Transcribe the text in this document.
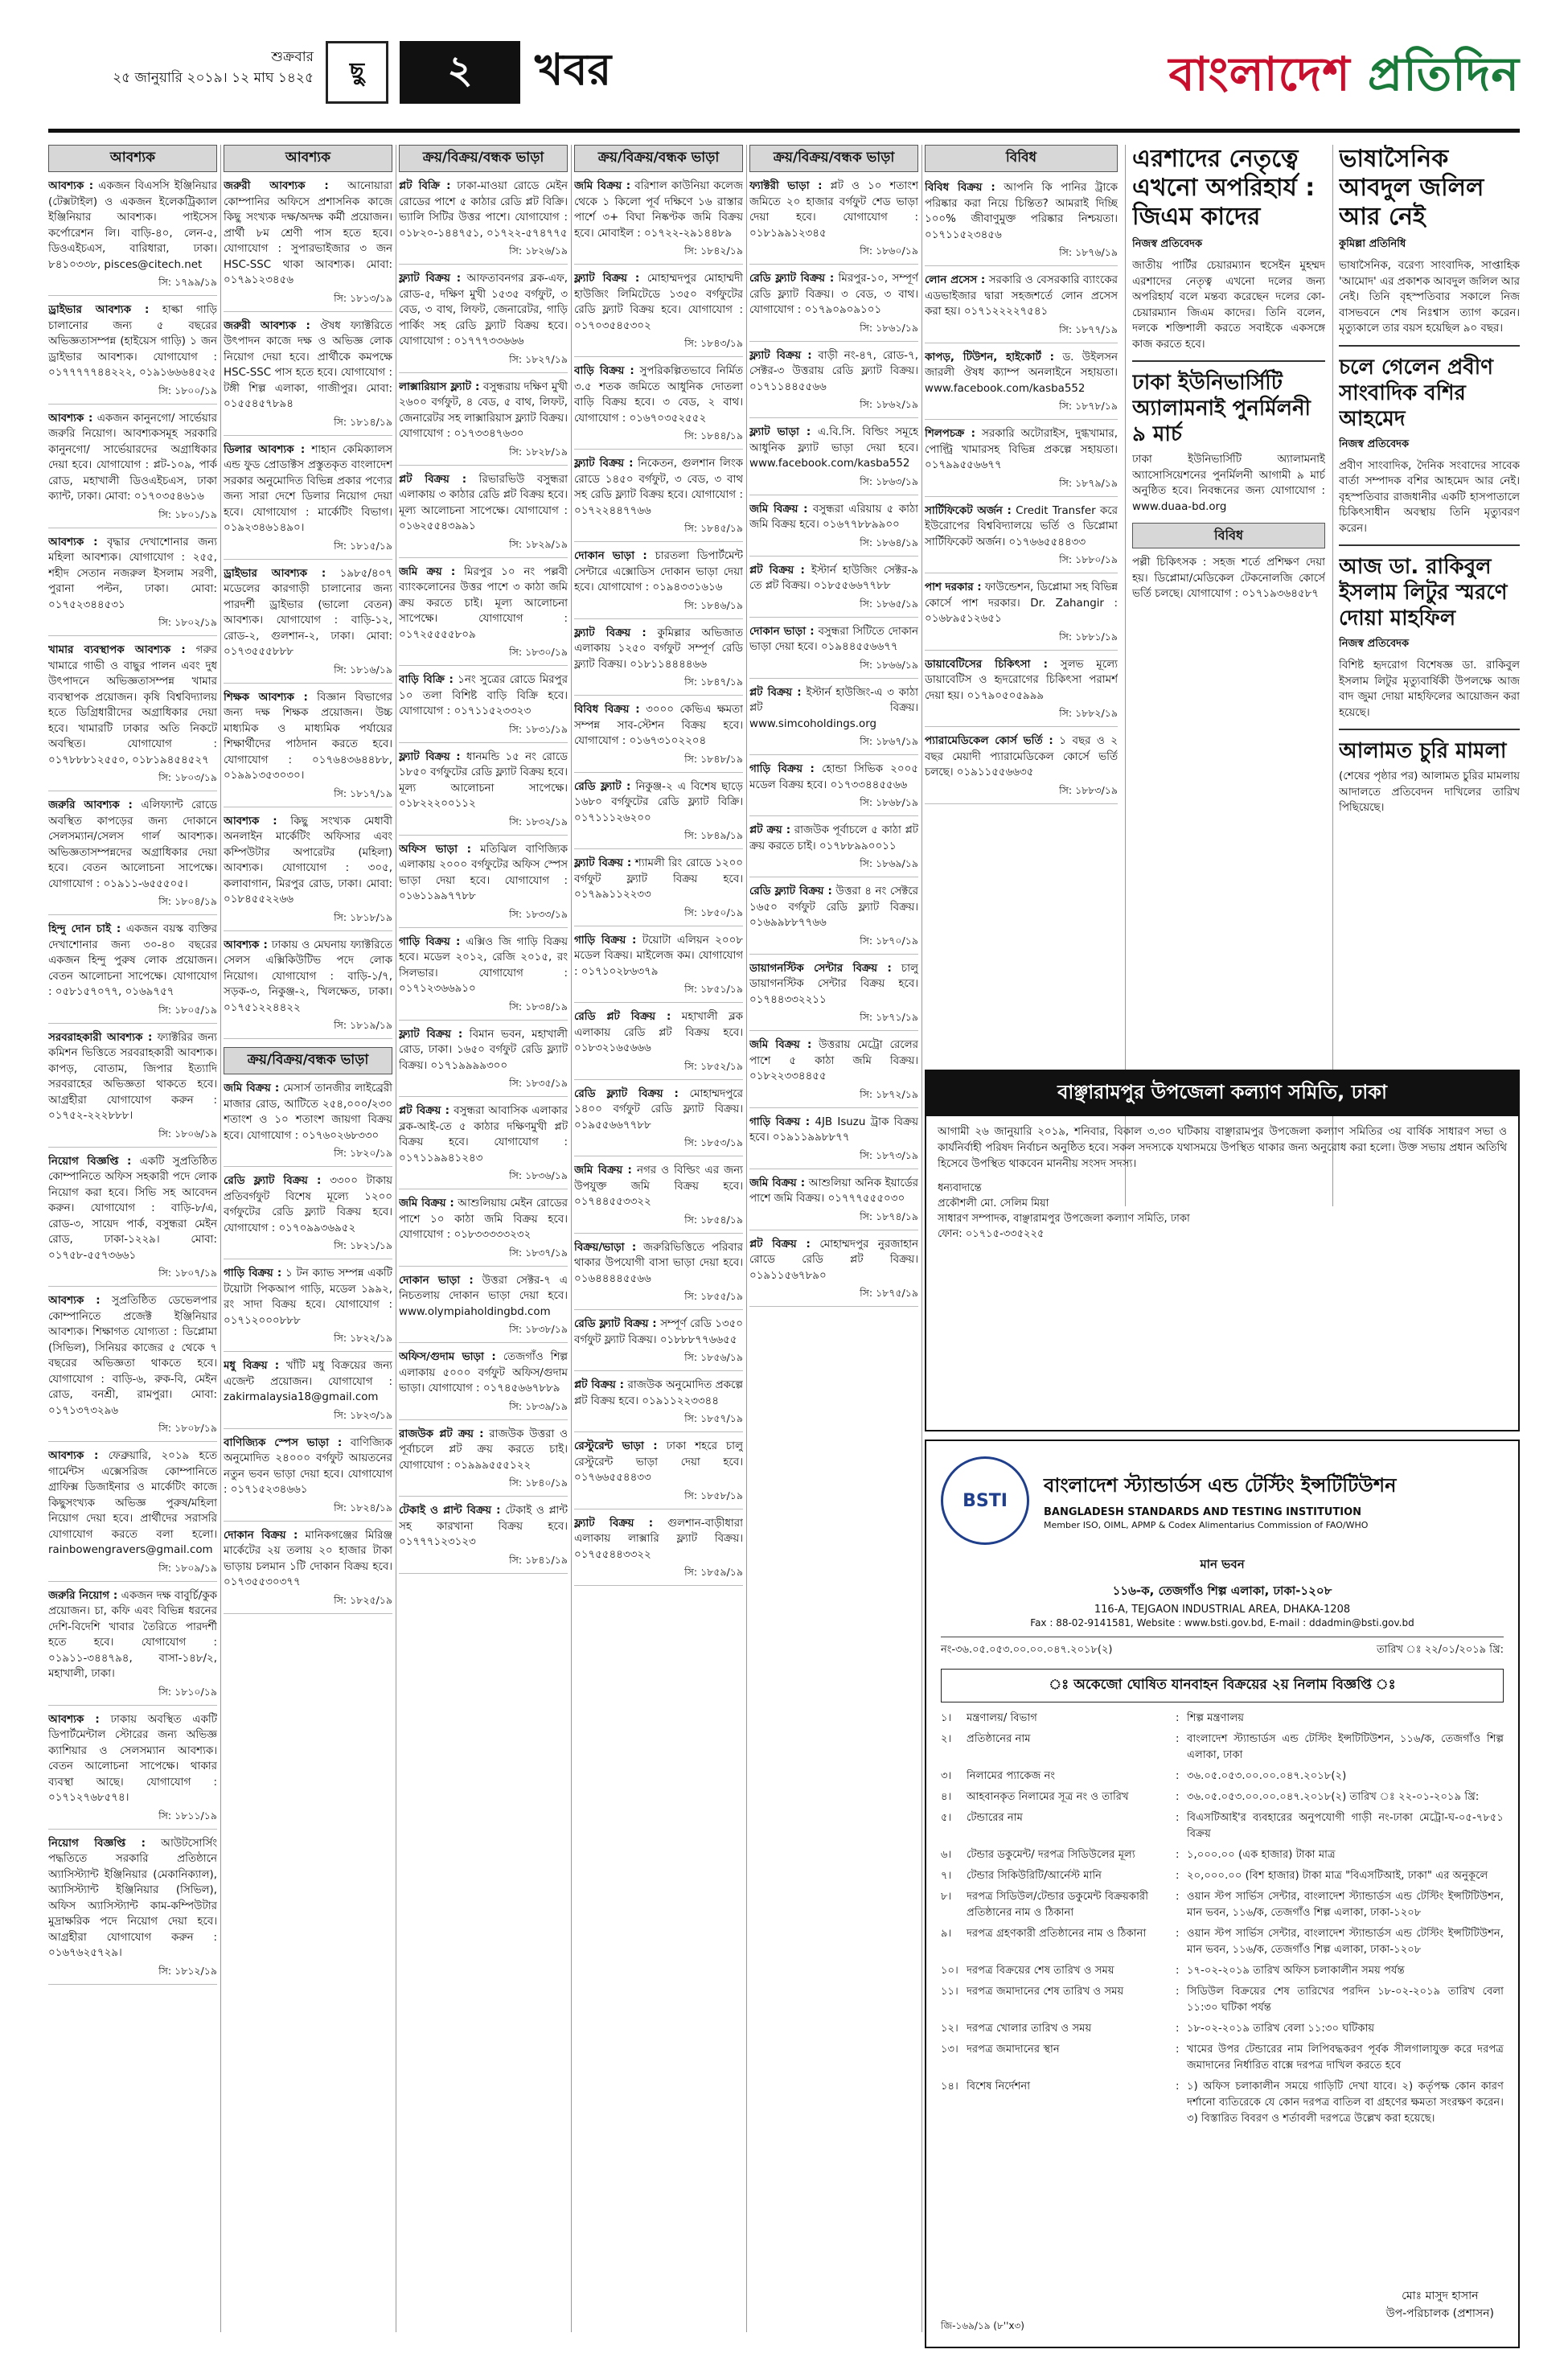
শুক্রবার
২৫ জানুয়ারি ২০১৯। ১২ মাঘ ১৪২৫	ছু	২	খবর	বাংলাদেশ প্রতিদিন
আবশ্যক
আবশ্যক : একজন বিএসসি ইঞ্জিনিয়ার (টেক্সটাইল) ও একজন ইলেকট্রিক্যাল ইঞ্জিনিয়ার আবশ্যক। পাইসেস কর্পোরেশন লি। বাড়ি-৪০, লেন-৫, ডিওএইচএস, বারিধারা, ঢাকা। ৮৪১০৩৩৮, pisces@citech.net
সি: ১৭৯৯/১৯
ড্রাইভার আবশ্যক : হাল্কা গাড়ি চালানোর জন্য ৫ বছরের অভিজ্ঞতাসম্পন্ন (হাইয়েস গাড়ি) ১ জন ড্রাইভার আবশ্যক। যোগাযোগ : ০১৭৭৭৭৭৪৪২২২, ০১৯১৬৬৬৪৫২৫
সি: ১৮০০/১৯
আবশ্যক : একজন কানুনগো/ সার্ভেয়ার জরুরি নিয়োগ। আবশ্যকসমূহ সরকারি কানুনগো/ সার্ভেয়ারদের অগ্রাধিকার দেয়া হবে। যোগাযোগ : প্লট-১০৯, পার্ক রোড, মহাখালী ডিওএইচএস, ঢাকা ক্যান্ট, ঢাকা। মোবা: ০১৭০৩৫৪৬১৬
সি: ১৮০১/১৯
আবশ্যক : বৃদ্ধার দেখাশোনার জন্য মহিলা আবশ্যক। যোগাযোগ : ২৫৫, শহীদ সেতান নজরুল ইসলাম সরণী, পুরানা পল্টন, ঢাকা। মোবা: ০১৭৫২৩৪৪৫৩১
সি: ১৮০২/১৯
খামার ব্যবস্থাপক আবশ্যক : গরুর খামারে গাভী ও বাছুর পালন এবং দুধ উৎপাদনে অভিজ্ঞতাসম্পন্ন খামার ব্যবস্থাপক প্রয়োজন। কৃষি বিশ্ববিদ্যালয় হতে ডিগ্রিধারীদের অগ্রাধিকার দেয়া হবে। খামারটি ঢাকার অতি নিকটে অবস্থিত। যোগাযোগ : ০১৭৮৮৮১২৫৫০, ০১৮১৯৪৫৪৫২৭
সি: ১৮০৩/১৯
জরুরি আবশ্যক : এলিফ্যান্ট রোডে অবস্থিত কাপড়ের জন্য দোকানে সেলসম্যান/সেলস গার্ল আবশ্যক। অভিজ্ঞতাসম্পন্নদের অগ্রাধিকার দেয়া হবে। বেতন আলোচনা সাপেক্ষে। যোগাযোগ : ০১৯১১-৬৫৫৫০৫।
সি: ১৮০৪/১৯
হিন্দু দোন চাই : একজন বয়স্ক ব্যক্তির দেখাশোনার জন্য ৩০-৪০ বছরের একজন হিন্দু পুরুষ লোক প্রয়োজন। বেতন আলোচনা সাপেক্ষে। যোগাযোগ : ০৫৮১৫৭০৭৭, ০১৬৯৭৫৭
সি: ১৮০৫/১৯
সরবরাহকারী আবশ্যক : ফ্যাক্টরির জন্য কমিশন ভিত্তিতে সরবরাহকারী আবশ্যক। কাপড়, বোতাম, জিপার ইত্যাদি সরবরাহের অভিজ্ঞতা থাকতে হবে। আগ্রহীরা যোগাযোগ করুন : ০১৭৫২-২২২৮৮৮।
সি: ১৮০৬/১৯
নিয়োগ বিজ্ঞপ্তি : একটি সুপ্রতিষ্ঠিত কোম্পানিতে অফিস সহকারী পদে লোক নিয়োগ করা হবে। সিভি সহ আবেদন করুন। যোগাযোগ : বাড়ি-৮/এ, রোড-৩, সায়েদ পার্ক, বসুন্ধরা মেইন রোড, ঢাকা-১২২৯। মোবা: ০১৭৫৮-৫৫৭৩৬৬১
সি: ১৮০৭/১৯
আবশ্যক : সুপ্রতিষ্ঠিত ডেভেলপার কোম্পানিতে প্রজেক্ট ইঞ্জিনিয়ার আবশ্যক। শিক্ষাগত যোগ্যতা : ডিপ্লোমা (সিভিল), সিনিয়র কাজের ৫ থেকে ৭ বছরের অভিজ্ঞতা থাকতে হবে। যোগাযোগ : বাড়ি-৬, রুক-বি, মেইন রোড, বনশ্রী, রামপুরা। মোবা: ০১৭১৩৭৩২৯৬
সি: ১৮০৮/১৯
আবশ্যক : ফেব্রুয়ারি, ২০১৯ হতে গার্মেন্টস এক্সেসরিজ কোম্পানিতে গ্রাফিক্স ডিজাইনার ও মার্কেটিং কাজে কিছুসংখ্যক অভিজ্ঞ পুরুষ/মহিলা নিয়োগ দেয়া হবে। প্রার্থীদের সরাসরি যোগাযোগ করতে বলা হলো। rainbowengravers@gmail.com
সি: ১৮০৯/১৯
জরুরি নিয়োগ : একজন দক্ষ বাবুর্চি/কুক প্রয়োজন। চা, কফি এবং বিভিন্ন ধরনের দেশি-বিদেশি খাবার তৈরিতে পারদর্শী হতে হবে। যোগাযোগ : ০১৯১১-৩৪৪৭৯৪, বাসা-১৪৮/২, মহাখালী, ঢাকা।
সি: ১৮১০/১৯
আবশ্যক : ঢাকায় অবস্থিত একটি ডিপার্টমেন্টাল স্টোরের জন্য অভিজ্ঞ ক্যাশিয়ার ও সেলসম্যান আবশ্যক। বেতন আলোচনা সাপেক্ষে। থাকার ব্যবস্থা আছে। যোগাযোগ : ০১৭১২৭৬৮৫৭৪।
সি: ১৮১১/১৯
নিয়োগ বিজ্ঞপ্তি : আউটসোর্সিং পদ্ধতিতে সরকারি প্রতিষ্ঠানে অ্যাসিস্ট্যান্ট ইঞ্জিনিয়ার (মেকানিক্যাল), অ্যাসিস্ট্যান্ট ইঞ্জিনিয়ার (সিভিল), অফিস অ্যাসিস্ট্যান্ট কাম-কম্পিউটার মুদ্রাক্ষরিক পদে নিয়োগ দেয়া হবে। আগ্রহীরা যোগাযোগ করুন : ০১৬৭৬২৫৭২৯।
সি: ১৮১২/১৯
আবশ্যক
জরুরী আবশ্যক : আনোয়ারা কোম্পানির অফিসে প্রশাসনিক কাজে কিছু সংখ্যক দক্ষ/অদক্ষ কর্মী প্রয়োজন। প্রার্থী ৮ম শ্রেণী পাস হতে হবে। যোগাযোগ : সুপারভাইজার ৩ জন HSC-SSC থাকা আবশ্যক। মোবা: ০১৭৯১২৩৪৫৬
সি: ১৮১৩/১৯
জরুরী আবশ্যক : ঔষধ ফ্যাক্টরিতে উৎপাদন কাজে দক্ষ ও অভিজ্ঞ লোক নিয়োগ দেয়া হবে। প্রার্থীকে কমপক্ষে HSC-SSC পাস হতে হবে। যোগাযোগ : টঙ্গী শিল্প এলাকা, গাজীপুর। মোবা: ০১৫৫৪৫৭৮৯৪
সি: ১৮১৪/১৯
ডিলার আবশ্যক : শাহান কেমিক্যালস এন্ড ফুড প্রোডাক্টস প্রস্তুতকৃত বাংলাদেশ সরকার অনুমোদিত বিভিন্ন প্রকার পণ্যের জন্য সারা দেশে ডিলার নিয়োগ দেয়া হবে। যোগাযোগ : মার্কেটিং বিভাগ। ০১৯২৩৪৬১৪৯০।
সি: ১৮১৫/১৯
ড্রাইভার আবশ্যক : ১৯৮৫/৪০৭ মডেলের কারগাড়ী চালানোর জন্য পারদর্শী ড্রাইভার (ভালো বেতন) আবশ্যক। যোগাযোগ : বাড়ি-১২, রোড-২, গুলশান-২, ঢাকা। মোবা: ০১৭৩৫৫৫৮৮৮
সি: ১৮১৬/১৯
শিক্ষক আবশ্যক : বিজ্ঞান বিভাগের জন্য দক্ষ শিক্ষক প্রয়োজন। উচ্চ মাধ্যমিক ও মাধ্যমিক পর্যায়ের শিক্ষার্থীদের পাঠদান করতে হবে। যোগাযোগ : ০১৭৬৪৩৬৪৪৮৮, ০১৯৯১৩৫৩০৩০।
সি: ১৮১৭/১৯
আবশ্যক : কিছু সংখ্যক মেধাবী অনলাইন মার্কেটিং অফিসার এবং কম্পিউটার অপারেটর (মহিলা) আবশ্যক। যোগাযোগ : ৩০৫, কলাবাগান, মিরপুর রোড, ঢাকা। মোবা: ০১৮৪৫৫২২৬৬
সি: ১৮১৮/১৯
আবশ্যক : ঢাকায় ও মেঘনায় ফ্যাক্টরিতে সেলস এক্সিকিউটিভ পদে লোক নিয়োগ। যোগাযোগ : বাড়ি-১/৭, সড়ক-৩, নিকুঞ্জ-২, খিলক্ষেত, ঢাকা। ০১৭৫১২২৪৪২২
সি: ১৮১৯/১৯
ক্রয়/বিক্রয়/বন্ধক ভাড়া
জমি বিক্রয় : মেসার্স তানজীর লাইব্রেরী মাজার রোড, আটিতে ২৫৪,০০০/২৩০ শতাংশ ও ১০ শতাংশ জায়গা বিক্রয় হবে। যোগাযোগ : ০১৭৬০২৬৮৩৩০
সি: ১৮২০/১৯
রেডি ফ্ল্যাট বিক্রয় : ৩৩০০ টাকায় প্রতিবর্গফুট বিশেষ মূল্যে ১২০০ বর্গফুটের রেডি ফ্ল্যাট বিক্রয় হবে। যোগাযোগ : ০১৭০৯৯৩৬৯৫২
সি: ১৮২১/১৯
গাড়ি বিক্রয় : ১ টন ক্যাভ সম্পন্ন একটি টয়োটা পিকআপ গাড়ি, মডেল ১৯৯২, রং সাদা বিক্রয় হবে। যোগাযোগ : ০১৭১২০০০৮৮৮
সি: ১৮২২/১৯
মধু বিক্রয় : খাঁটি মধু বিক্রয়ের জন্য এজেন্ট প্রয়োজন। যোগাযোগ : zakirmalaysia18@gmail.com
সি: ১৮২৩/১৯
বাণিজ্যিক স্পেস ভাড়া : বাণিজ্যিক অনুমোদিত ২৪০০০ বর্গফুট আয়তনের নতুন ভবন ভাড়া দেয়া হবে। যোগাযোগ : ০১৭১৫২৩৪৬৬১
সি: ১৮২৪/১৯
দোকান বিক্রয় : মানিকগঞ্জের মিরিঞ্জ মার্কেটের ২য় তলায় ২০ হাজার টাকা ভাড়ায় চলমান ১টি দোকান বিক্রয় হবে। ০১৭৩৫৫৩০৩৭৭
সি: ১৮২৫/১৯
ক্রয়/বিক্রয়/বন্ধক ভাড়া
প্লট বিক্রি : ঢাকা-মাওয়া রোডে মেইন রোডের পাশে ৫ কাঠার রেডি প্লট বিক্রি। ভ্যালি সিটির উত্তর পাশে। যোগাযোগ : ০১৮২০-১৪৪৭৫১, ০১৭২২-৫৭৪৭৭৫
সি: ১৮২৬/১৯
ফ্ল্যাট বিক্রয় : আফতাবনগর ব্লক-এফ, রোড-৫, দক্ষিণ মুখী ১৫৩৫ বর্গফুট, ৩ বেড, ৩ বাথ, লিফট, জেনারেটর, গাড়ি পার্কিং সহ রেডি ফ্ল্যাট বিক্রয় হবে। যোগাযোগ : ০১৭৭৭৩৩৬৬৬
সি: ১৮২৭/১৯
লাক্সারিয়াস ফ্ল্যাট : বসুন্ধরায় দক্ষিণ মুখী ২৬০০ বর্গফুট, ৪ বেড, ৫ বাথ, লিফট, জেনারেটর সহ লাক্সারিয়াস ফ্ল্যাট বিক্রয়। যোগাযোগ : ০১৭৩৩৪৭৬৩০
সি: ১৮২৮/১৯
প্লট বিক্রয় : রিভারভিউ বসুন্ধরা এলাকায় ৩ কাঠার রেডি প্লট বিক্রয় হবে। মূল্য আলোচনা সাপেক্ষে। যোগাযোগ : ০১৬২৫৫৪৩৯৯১
সি: ১৮২৯/১৯
জমি ক্রয় : মিরপুর ১০ নং পল্লবী ব্যাংকলোনের উত্তর পাশে ৩ কাঠা জমি ক্রয় করতে চাই। মূল্য আলোচনা সাপেক্ষে। যোগাযোগ : ০১৭২৫৫৫৫৮০৯
সি: ১৮৩০/১৯
বাড়ি বিক্রি : ১নং সুত্রের রোডে মিরপুর ১০ তলা বিশিষ্ট বাড়ি বিক্রি হবে। যোগাযোগ : ০১৭১১৫২৩৩২৩
সি: ১৮৩১/১৯
ফ্ল্যাট বিক্রয় : ধানমন্ডি ১৫ নং রোডে ১৮৫০ বর্গফুটের রেডি ফ্ল্যাট বিক্রয় হবে। মূল্য আলোচনা সাপেক্ষে। ০১৮২২২০০১১২
সি: ১৮৩২/১৯
অফিস ভাড়া : মতিঝিল বাণিজ্যিক এলাকায় ২০০০ বর্গফুটের অফিস স্পেস ভাড়া দেয়া হবে। যোগাযোগ : ০১৬১১৯৯৭৭৮৮
সি: ১৮৩৩/১৯
গাড়ি বিক্রয় : এক্সিও জি গাড়ি বিক্রয় হবে। মডেল ২০১২, রেজি ২০১৫, রং সিলভার। যোগাযোগ : ০১৭১২৩৬৬৯১০
সি: ১৮৩৪/১৯
ফ্ল্যাট বিক্রয় : বিমান ভবন, মহাখালী রোড, ঢাকা। ১৬৫০ বর্গফুট রেডি ফ্ল্যাট বিক্রয়। ০১৭১৯৯৯৯৩০০
সি: ১৮৩৫/১৯
প্লট বিক্রয় : বসুন্ধরা আবাসিক এলাকার ব্লক-আই-তে ৫ কাঠার দক্ষিণমুখী প্লট বিক্রয় হবে। যোগাযোগ : ০১৭১১৯৯৪১২৪৩
সি: ১৮৩৬/১৯
জমি বিক্রয় : আশুলিয়ায় মেইন রোডের পাশে ১০ কাঠা জমি বিক্রয় হবে। যোগাযোগ : ০১৮৩৩৩৩৩২৩২
সি: ১৮৩৭/১৯
দোকান ভাড়া : উত্তরা সেক্টর-৭ এ নিচতলায় দোকান ভাড়া দেয়া হবে। www.olympiaholdingbd.com
সি: ১৮৩৮/১৯
অফিস/গুদাম ভাড়া : তেজগাঁও শিল্প এলাকায় ৫০০০ বর্গফুট অফিস/গুদাম ভাড়া। যোগাযোগ : ০১৭৪৫৬৬৭৮৮৯
সি: ১৮৩৯/১৯
রাজউক প্লট ক্রয় : রাজউক উত্তরা ও পূর্বাচলে প্লট ক্রয় করতে চাই। যোগাযোগ : ০১৯৯৯৫৫৫১২২
সি: ১৮৪০/১৯
টেকাই ও প্লান্ট বিক্রয় : টেকাই ও প্লান্ট সহ কারখানা বিক্রয় হবে। ০১৭৭৭১২৩১২৩
সি: ১৮৪১/১৯
ক্রয়/বিক্রয়/বন্ধক ভাড়া
জমি বিক্রয় : বরিশাল কাউনিয়া কলেজ থেকে ১ কিলো পূর্ব দক্ষিণে ১৬ রাস্তার পার্শে ৩+ বিঘা নিষ্কণ্টক জমি বিক্রয় হবে। মোবাইল : ০১৭২২-২৯১৪৪৮৯
সি: ১৮৪২/১৯
ফ্ল্যাট বিক্রয় : মোহাম্মদপুর মোহাম্মদী হাউজিং লিমিটেডে ১৩৫০ বর্গফুটের রেডি ফ্ল্যাট বিক্রয় হবে। যোগাযোগ : ০১৭০৩৫৪৫৩০২
সি: ১৮৪৩/১৯
বাড়ি বিক্রয় : সুপরিকল্পিতভাবে নির্মিত ৩.৫ শতক জমিতে আধুনিক দোতলা বাড়ি বিক্রয় হবে। ৩ বেড, ২ বাথ। যোগাযোগ : ০১৬৭০৩৫২৫৫২
সি: ১৮৪৪/১৯
ফ্ল্যাট বিক্রয় : নিকেতন, গুলশান লিংক রোডে ১৪৫০ বর্গফুট, ৩ বেড, ৩ বাথ সহ রেডি ফ্ল্যাট বিক্রয় হবে। যোগাযোগ : ০১৭২২৪৪৭৭৬৬
সি: ১৮৪৫/১৯
দোকান ভাড়া : চারতলা ডিপার্টমেন্ট সেন্টারে এক্সোডিস দোকান ভাড়া দেয়া হবে। যোগাযোগ : ০১৯৪৩৩১৬১৬
সি: ১৮৪৬/১৯
ফ্ল্যাট বিক্রয় : কুমিল্লার অভিজাত এলাকায় ১২৫০ বর্গফুট সম্পূর্ণ রেডি ফ্ল্যাট বিক্রয়। ০১৮১১৪৪৪৪৬৬
সি: ১৮৪৭/১৯
বিবিধ বিক্রয় : ৩০০০ কেভিএ ক্ষমতা সম্পন্ন সাব-স্টেশন বিক্রয় হবে। যোগাযোগ : ০১৬৭৩১০২২০৪
সি: ১৮৪৮/১৯
রেডি ফ্ল্যাট : নিকুঞ্জ-২ এ বিশেষ ছাড়ে ১৬৮০ বর্গফুটের রেডি ফ্ল্যাট বিক্রি। ০১৭১১১২৬২০০
সি: ১৮৪৯/১৯
ফ্ল্যাট বিক্রয় : শ্যামলী রিং রোডে ১২০০ বর্গফুট ফ্ল্যাট বিক্রয় হবে। ০১৭৯৯১১২২৩৩
সি: ১৮৫০/১৯
গাড়ি বিক্রয় : টয়োটা এলিয়ন ২০০৮ মডেল বিক্রয়। মাইলেজ কম। যোগাযোগ : ০১৭১০২৮৬৩৭৯
সি: ১৮৫১/১৯
রেডি প্লট বিক্রয় : মহাখালী ব্লক এলাকায় রেডি প্লট বিক্রয় হবে। ০১৮৩২১৬৫৬৬৬
সি: ১৮৫২/১৯
রেডি ফ্ল্যাট বিক্রয় : মোহাম্মদপুরে ১৪০০ বর্গফুট রেডি ফ্ল্যাট বিক্রয়। ০১৯৫৫৬৬৭৭৮৮
সি: ১৮৫৩/১৯
জমি বিক্রয় : নগর ও বিল্ডিং এর জন্য উপযুক্ত জমি বিক্রয় হবে। ০১৭৪৪৫৫৩৩২২
সি: ১৮৫৪/১৯
বিক্রয়/ভাড়া : জরুরিভিত্তিতে পরিবার থাকার উপযোগী বাসা ভাড়া দেয়া হবে। ০১৬৪৪৪৪৫৫৬৬
সি: ১৮৫৫/১৯
রেডি ফ্ল্যাট বিক্রয় : সম্পূর্ণ রেডি ১৩৫০ বর্গফুট ফ্ল্যাট বিক্রয়। ০১৮৮৮৭৭৬৬৫৫
সি: ১৮৫৬/১৯
প্লট বিক্রয় : রাজউক অনুমোদিত প্রকল্পে প্লট বিক্রয় হবে। ০১৯১১২২৩৩৪৪
সি: ১৮৫৭/১৯
রেস্টুরেন্ট ভাড়া : ঢাকা শহরে চালু রেস্টুরেন্ট ভাড়া দেয়া হবে। ০১৭৬৬৫৫৪৪৩৩
সি: ১৮৫৮/১৯
ফ্ল্যাট বিক্রয় : গুলশান-বাড়ীধারা এলাকায় লাক্সারি ফ্ল্যাট বিক্রয়। ০১৭৫৫৪৪৩৩২২
সি: ১৮৫৯/১৯
ক্রয়/বিক্রয়/বন্ধক ভাড়া
ফ্যাক্টরী ভাড়া : প্লট ও ১০ শতাংশ জমিতে ২০ হাজার বর্গফুট শেড ভাড়া দেয়া হবে। যোগাযোগ : ০১৮১৯৯১২৩৪৫
সি: ১৮৬০/১৯
রেডি ফ্ল্যাট বিক্রয় : মিরপুর-১০, সম্পূর্ণ রেডি ফ্ল্যাট বিক্রয়। ৩ বেড, ৩ বাথ। যোগাযোগ : ০১৭৯০৯০৯১০১
সি: ১৮৬১/১৯
ফ্ল্যাট বিক্রয় : বাড়ী নং-৪৭, রোড-৭, সেক্টর-৩ উত্তরায় রেডি ফ্ল্যাট বিক্রয়। ০১৭১১৪৪৫৫৬৬
সি: ১৮৬২/১৯
ফ্ল্যাট ভাড়া : এ.বি.সি. বিল্ডিং সমূহে আধুনিক ফ্ল্যাট ভাড়া দেয়া হবে। www.facebook.com/kasba552
সি: ১৮৬৩/১৯
জমি বিক্রয় : বসুন্ধরা এরিয়ায় ৫ কাঠা জমি বিক্রয় হবে। ০১৬৭৭৮৮৯৯০০
সি: ১৮৬৪/১৯
প্লট বিক্রয় : ইস্টার্ন হাউজিং সেক্টর-৯ তে প্লট বিক্রয়। ০১৮৫৫৬৬৭৭৮৮
সি: ১৮৬৫/১৯
দোকান ভাড়া : বসুন্ধরা সিটিতে দোকান ভাড়া দেয়া হবে। ০১৯৪৪৫৫৬৬৭৭
সি: ১৮৬৬/১৯
প্লট বিক্রয় : ইস্টার্ন হাউজিং-এ ৩ কাঠা প্লট বিক্রয়। www.simcoholdings.org
সি: ১৮৬৭/১৯
গাড়ি বিক্রয় : হোন্ডা সিভিক ২০০৫ মডেল বিক্রয় হবে। ০১৭৩৩৪৪৫৫৬৬
সি: ১৮৬৮/১৯
প্লট ক্রয় : রাজউক পূর্বাচলে ৫ কাঠা প্লট ক্রয় করতে চাই। ০১৭৮৮৯৯০০১১
সি: ১৮৬৯/১৯
রেডি ফ্ল্যাট বিক্রয় : উত্তরা ৪ নং সেক্টরে ১৬৫০ বর্গফুট রেডি ফ্ল্যাট বিক্রয়। ০১৬৯৯৮৮৭৭৬৬
সি: ১৮৭০/১৯
ডায়াগনস্টিক সেন্টার বিক্রয় : চালু ডায়াগনস্টিক সেন্টার বিক্রয় হবে। ০১৭৪৪৩৩২২১১
সি: ১৮৭১/১৯
জমি বিক্রয় : উত্তরায় মেট্রো রেলের পাশে ৫ কাঠা জমি বিক্রয়। ০১৮২২৩৩৪৪৫৫
সি: ১৮৭২/১৯
গাড়ি বিক্রয় : 4JB Isuzu ট্রাক বিক্রয় হবে। ০১৯১১৯৯৮৮৭৭
সি: ১৮৭৩/১৯
জমি বিক্রয় : আশুলিয়া অনিক ইয়ার্ডের পাশে জমি বিক্রয়। ০১৭৭৭৫৫৫০৩০
সি: ১৮৭৪/১৯
প্লট বিক্রয় : মোহাম্মদপুর নুরজাহান রোডে রেডি প্লট বিক্রয়। ০১৯১১৫৬৭৮৯০
সি: ১৮৭৫/১৯
বিবিধ
বিবিধ বিক্রয় : আপনি কি পানির ট্রাকে পরিষ্কার করা নিয়ে চিন্তিত? আমরাই দিচ্ছি ১০০% জীবাণুমুক্ত পরিষ্কার নিশ্চয়তা। ০১৭১১৫২৩৪৫৬
সি: ১৮৭৬/১৯
লোন প্রসেস : সরকারি ও বেসরকারি ব্যাংকের এডভাইজার দ্বারা সহজশর্তে লোন প্রসেস করা হয়। ০১৭১২২২২৭৫৪১
সি: ১৮৭৭/১৯
কাপড়, টিউশন, হাইকোর্ট : ড. উইলসন জারলী ঔষধ ক্যাম্প অনলাইনে সহায়তা। www.facebook.com/kasba552
সি: ১৮৭৮/১৯
শিলপচক্র : সরকারি অটোরাইস, দুগ্ধখামার, পোল্ট্রি খামারসহ বিভিন্ন প্রকল্পে সহায়তা। ০১৭৯৯৫৫৬৬৭৭
সি: ১৮৭৯/১৯
সার্টিফিকেট অর্জন : Credit Transfer করে ইউরোপের বিশ্ববিদ্যালয়ে ভর্তি ও ডিপ্লোমা সার্টিফিকেট অর্জন। ০১৭৬৬৫৫৪৪৩৩
সি: ১৮৮০/১৯
পাশ দরকার : ফাউন্ডেশন, ডিপ্লোমা সহ বিভিন্ন কোর্সে পাশ দরকার। Dr. Zahangir : ০১৬৮৯৫১২৬৫১
সি: ১৮৮১/১৯
ডায়াবেটিসের চিকিৎসা : সুলভ মূল্যে ডায়াবেটিস ও হৃদরোগের চিকিৎসা পরামর্শ দেয়া হয়। ০১৭৯০৫০৫৯৯৯
সি: ১৮৮২/১৯
প্যারামেডিকেল কোর্স ভর্তি : ১ বছর ও ২ বছর মেয়াদী প্যারামেডিকেল কোর্সে ভর্তি চলছে। ০১৯১১৫৫৬৬৩৫
সি: ১৮৮৩/১৯
এরশাদের নেতৃত্বে এখনো অপরিহার্য : জিএম কাদের
নিজস্ব প্রতিবেদক
জাতীয় পার্টির চেয়ারম্যান হুসেইন মুহম্মদ এরশাদের নেতৃত্ব এখনো দলের জন্য অপরিহার্য বলে মন্তব্য করেছেন দলের কো-চেয়ারম্যান জিএম কাদের। তিনি বলেন, দলকে শক্তিশালী করতে সবাইকে একসঙ্গে কাজ করতে হবে।
ঢাকা ইউনিভার্সিটি অ্যালামনাই পুনর্মিলনী ৯ মার্চ
ঢাকা ইউনিভার্সিটি অ্যালামনাই অ্যাসোসিয়েশনের পুনর্মিলনী আগামী ৯ মার্চ অনুষ্ঠিত হবে। নিবন্ধনের জন্য যোগাযোগ : www.duaa-bd.org
বিবিধ
পল্লী চিকিৎসক : সহজ শর্তে প্রশিক্ষণ দেয়া হয়। ডিপ্লোমা/মেডিকেল টেকনোলজি কোর্সে ভর্তি চলছে। যোগাযোগ : ০১৭১৯৩৬৪৫৮৭
ভাষাসৈনিক আবদুল জলিল আর নেই
কুমিল্লা প্রতিনিধি
ভাষাসৈনিক, বরেণ্য সাংবাদিক, সাপ্তাহিক 'আমোদ' এর প্রকাশক আবদুল জলিল আর নেই। তিনি বৃহস্পতিবার সকালে নিজ বাসভবনে শেষ নিঃশ্বাস ত্যাগ করেন। মৃত্যুকালে তার বয়স হয়েছিল ৯০ বছর।
চলে গেলেন প্রবীণ সাংবাদিক বশির আহমেদ
নিজস্ব প্রতিবেদক
প্রবীণ সাংবাদিক, দৈনিক সংবাদের সাবেক বার্তা সম্পাদক বশির আহমেদ আর নেই। বৃহস্পতিবার রাজধানীর একটি হাসপাতালে চিকিৎসাধীন অবস্থায় তিনি মৃত্যুবরণ করেন।
আজ ডা. রাকিবুল ইসলাম লিটুর স্মরণে দোয়া মাহফিল
নিজস্ব প্রতিবেদক
বিশিষ্ট হৃদরোগ বিশেষজ্ঞ ডা. রাকিবুল ইসলাম লিটুর মৃত্যুবার্ষিকী উপলক্ষে আজ বাদ জুমা দোয়া মাহফিলের আয়োজন করা হয়েছে।
আলামত চুরি মামলা
(শেষের পৃষ্ঠার পর) আলামত চুরির মামলায় আদালতে প্রতিবেদন দাখিলের তারিখ পিছিয়েছে।
বাঞ্ছারামপুর উপজেলা কল্যাণ সমিতি, ঢাকা
আগামী ২৬ জানুয়ারি ২০১৯, শনিবার, বিকাল ৩.৩০ ঘটিকায় বাঞ্ছারামপুর উপজেলা কল্যাণ সমিতির ৩য় বার্ষিক সাধারণ সভা ও কার্যনির্বাহী পরিষদ নির্বাচন অনুষ্ঠিত হবে। সকল সদস্যকে যথাসময়ে উপস্থিত থাকার জন্য অনুরোধ করা হলো। উক্ত সভায় প্রধান অতিথি হিসেবে উপস্থিত থাকবেন মাননীয় সংসদ সদস্য।
ধন্যবাদান্তে
প্রকৌশলী মো. সেলিম মিয়া
সাধারণ সম্পাদক, বাঞ্ছারামপুর উপজেলা কল্যাণ সমিতি, ঢাকা
ফোন: ০১৭১৫-৩৩৫২২৫
BSTI
বাংলাদেশ স্ট্যান্ডার্ডস এন্ড টেস্টিং ইন্সটিটিউশন
BANGLADESH STANDARDS AND TESTING INSTITUTION
Member ISO, OIML, APMP & Codex Alimentarius Commission of FAO/WHO
মান ভবন
১১৬-ক, তেজগাঁও শিল্প এলাকা, ঢাকা-১২০৮
116-A, TEJGAON INDUSTRIAL AREA, DHAKA-1208
Fax : 88-02-9141581, Website : www.bsti.gov.bd, E-mail : ddadmin@bsti.gov.bd
নং-৩৬.০৫.০৫৩.০০.০০.০৪৭.২০১৮(২)	তারিখ ঃ ২২/০১/২০১৯ খ্রি:
ঃ অকেজো ঘোষিত যানবাহন বিক্রয়ের ২য় নিলাম বিজ্ঞপ্তি ঃ
১।	মন্ত্রণালয়/ বিভাগ	: শিল্প মন্ত্রণালয়
২।	প্রতিষ্ঠানের নাম	: বাংলাদেশ স্ট্যান্ডার্ডস এন্ড টেস্টিং ইন্সটিটিউশন, ১১৬/ক, তেজগাঁও শিল্প এলাকা, ঢাকা
৩।	নিলামের প্যাকেজ নং	: ৩৬.০৫.০৫৩.০০.০০.০৪৭.২০১৮(২)
৪।	আহবানকৃত নিলামের সূত্র নং ও তারিখ	: ৩৬.০৫.০৫৩.০০.০০.০৪৭.২০১৮(২) তারিখ ঃ ২২-০১-২০১৯ খ্রি:
৫।	টেন্ডারের নাম	: বিএসটিআই'র ব্যবহারের অনুপযোগী গাড়ী নং-ঢাকা মেট্রো-ঘ-০৫-৭৮৫১ বিক্রয়
৬।	টেন্ডার ডকুমেন্ট/ দরপত্র সিডিউলের মূল্য	: ১,০০০.০০ (এক হাজার) টাকা মাত্র
৭।	টেন্ডার সিকিউরিটি/আর্নেস্ট মানি	: ২০,০০০.০০ (বিশ হাজার) টাকা মাত্র "বিএসটিআই, ঢাকা" এর অনুকূলে
৮।	দরপত্র সিডিউল/টেন্ডার ডকুমেন্ট বিক্রয়কারী প্রতিষ্ঠানের নাম ও ঠিকানা
: ওয়ান স্টপ সার্ভিস সেন্টার, বাংলাদেশ স্ট্যান্ডার্ডস এন্ড টেস্টিং ইন্সটিটিউশন, মান ভবন, ১১৬/ক, তেজগাঁও শিল্প এলাকা, ঢাকা-১২০৮
৯।	দরপত্র গ্রহণকারী প্রতিষ্ঠানের নাম ও ঠিকানা	: ওয়ান স্টপ সার্ভিস সেন্টার, বাংলাদেশ স্ট্যান্ডার্ডস এন্ড টেস্টিং ইন্সটিটিউশন, মান ভবন, ১১৬/ক, তেজগাঁও শিল্প এলাকা, ঢাকা-১২০৮
১০। দরপত্র বিক্রয়ের শেষ তারিখ ও সময়	: ১৭-০২-২০১৯ তারিখ অফিস চলাকালীন সময় পর্যন্ত
১১। দরপত্র জমাদানের শেষ তারিখ ও সময়	: সিডিউল বিক্রয়ের শেষ তারিখের পরদিন ১৮-০২-২০১৯ তারিখ বেলা ১১:৩০ ঘটিকা পর্যন্ত
১২। দরপত্র খোলার তারিখ ও সময়	: ১৮-০২-২০১৯ তারিখ বেলা ১১:৩০ ঘটিকায়
১৩। দরপত্র জমাদানের স্থান	: খামের উপর টেন্ডারের নাম লিপিবদ্ধকরণ পূর্বক সীলগালাযুক্ত করে দরপত্র জমাদানের নির্ধারিত বাক্সে দরপত্র দাখিল করতে হবে
১৪। বিশেষ নির্দেশনা	: ১) অফিস চলাকালীন সময়ে গাড়িটি দেখা যাবে। ২) কর্তৃপক্ষ কোন কারণ দর্শানো ব্যতিরেকে যে কোন দরপত্র বাতিল বা গ্রহণের ক্ষমতা সংরক্ষণ করেন। ৩) বিস্তারিত বিবরণ ও শর্তাবলী দরপত্রে উল্লেখ করা হয়েছে।
মোঃ মাসুদ হাসান
উপ-পরিচালক (প্রশাসন)
জি-১৬৯/১৯ (৮''x৩)
